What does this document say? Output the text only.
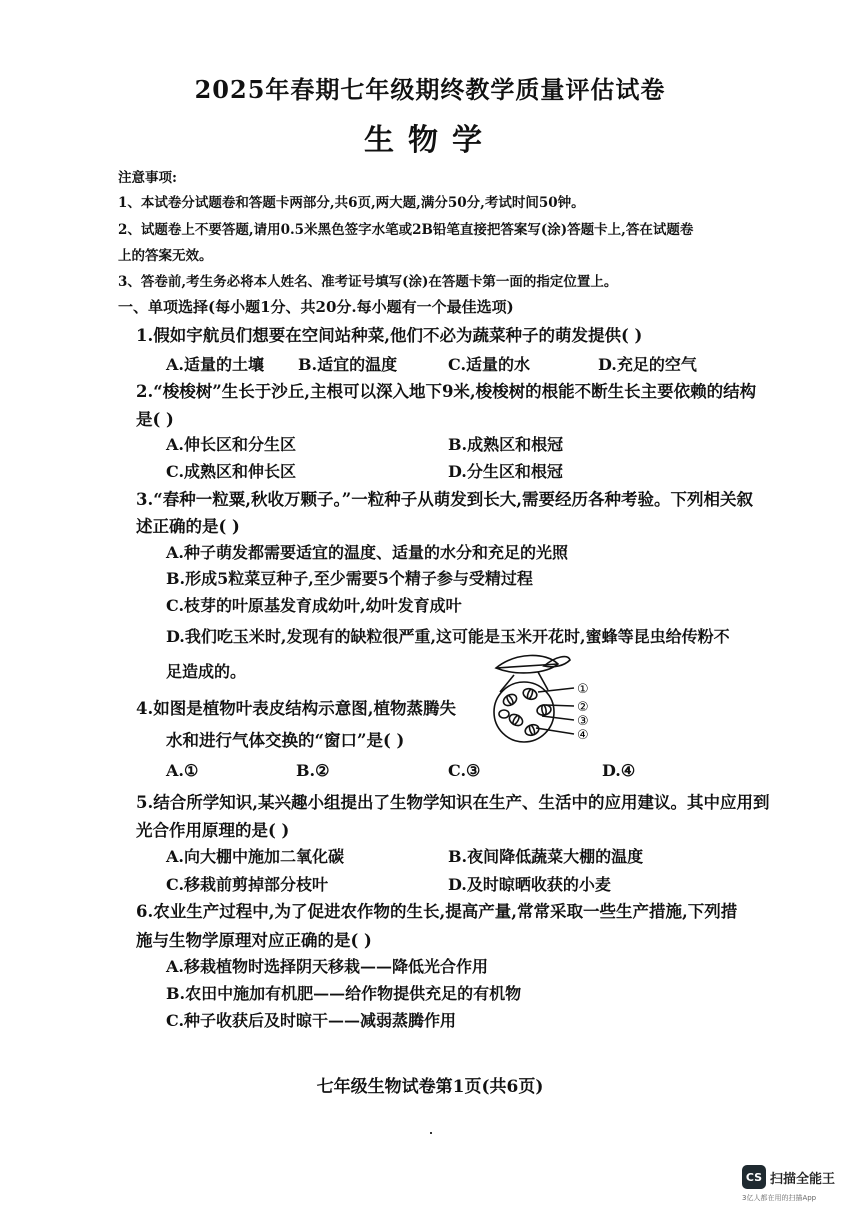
2025年春期七年级期终教学质量评估试卷
生物学
注意事项:
1、本试卷分试题卷和答题卡两部分,共6页,两大题,满分50分,考试时间50钟。
2、试题卷上不要答题,请用0.5米黑色签字水笔或2B铅笔直接把答案写(涂)答题卡上,答在试题卷
上的答案无效。
3、答卷前,考生务必将本人姓名、准考证号填写(涂)在答题卡第一面的指定位置上。
一、单项选择(每小题1分、共20分.每小题有一个最佳选项)
1.假如宇航员们想要在空间站种菜,他们不必为蔬菜种子的萌发提供( )
A.适量的土壤 B.适宜的温度	C.适量的水	D.充足的空气
2.“梭梭树”生长于沙丘,主根可以深入地下9米,梭梭树的根能不断生长主要依赖的结构
是( )
A.伸长区和分生区	B.成熟区和根冠
C.成熟区和伸长区	D.分生区和根冠
3.“春种一粒粟,秋收万颗子。”一粒种子从萌发到长大,需要经历各种考验。下列相关叙
述正确的是( )
A.种子萌发都需要适宜的温度、适量的水分和充足的光照
B.形成5粒菜豆种子,至少需要5个精子参与受精过程
C.枝芽的叶原基发育成幼叶,幼叶发育成叶
D.我们吃玉米时,发现有的缺粒很严重,这可能是玉米开花时,蜜蜂等昆虫给传粉不
足造成的。
4.如图是植物叶表皮结构示意图,植物蒸腾失
水和进行气体交换的“窗口”是( )
A.①	B.②	C.③	D.④
①
②
③
④
5.结合所学知识,某兴趣小组提出了生物学知识在生产、生活中的应用建议。其中应用到
光合作用原理的是( )
A.向大棚中施加二氧化碳	B.夜间降低蔬菜大棚的温度
C.移栽前剪掉部分枝叶	D.及时晾晒收获的小麦
6.农业生产过程中,为了促进农作物的生长,提高产量,常常采取一些生产措施,下列措
施与生物学原理对应正确的是( )
A.移栽植物时选择阴天移栽——降低光合作用
B.农田中施加有机肥——给作物提供充足的有机物
C.种子收获后及时晾干——减弱蒸腾作用
七年级生物试卷第1页(共6页)
CS 扫描全能王
3亿人都在用的扫描App
